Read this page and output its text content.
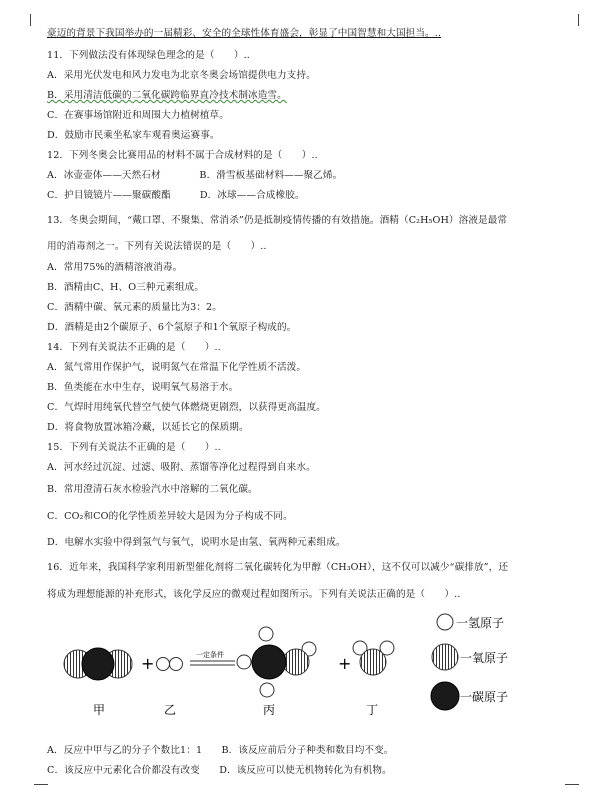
豪迈的背景下我国举办的一届精彩、安全的全球性体育盛会，彰显了中国智慧和大国担当。..
11．下列做法没有体现绿色理念的是（　　）..
A．采用光伏发电和风力发电为北京冬奥会场馆提供电力支持。
B．采用清洁低碳的二氧化碳跨临界直冷技术制冰造雪。
C．在赛事场馆附近和周围大力植树植草。
D．鼓励市民乘坐私家车观看奥运赛事。
12．下列冬奥会比赛用品的材料不属于合成材料的是（　　）..
A．冰壶壶体——天然石材　　　　B．滑雪板基础材料——聚乙烯。
C．护目镜镜片——聚碳酸酯　　　D．冰球——合成橡胶。
13．冬奥会期间，“戴口罩、不聚集、常消杀”仍是抵制疫情传播的有效措施。酒精（C₂H₅OH）溶液是最常
用的消毒剂之一。下列有关说法错误的是（　　）..
A．常用75%的酒精溶液消毒。
B．酒精由C、H、O三种元素组成。
C．酒精中碳、氧元素的质量比为3：2。
D．酒精是由2个碳原子、6个氢原子和1个氧原子构成的。
14．下列有关说法不正确的是（　　）..
A．氮气常用作保护气，说明氮气在常温下化学性质不活泼。
B．鱼类能在水中生存，说明氧气易溶于水。
C．气焊时用纯氧代替空气使气体燃烧更剧烈，以获得更高温度。
D．将食物放置冰箱冷藏，以延长它的保质期。
15．下列有关说法不正确的是（　　）..
A．河水经过沉淀、过滤、吸附、蒸馏等净化过程得到自来水。
B．常用澄清石灰水检验汽水中溶解的二氧化碳。
C．CO₂和CO的化学性质差异较大是因为分子构成不同。
D．电解水实验中得到氢气与氧气，说明水是由氢、氧两种元素组成。
16．近年来，我国科学家利用新型催化剂将二氧化碳转化为甲醇（CH₃OH），这不仅可以减少“碳排放”，还
将成为理想能源的补充形式，该化学反应的微观过程如图所示。下列有关说法正确的是（　　）..
+	一定条件	+
甲	乙	丙	丁
一氢原子
一氧原子
一碳原子
A．反应中甲与乙的分子个数比1：1　　B．该反应前后分子种类和数目均不变。
C．该反应中元素化合价都没有改变　　D．该反应可以使无机物转化为有机物。
